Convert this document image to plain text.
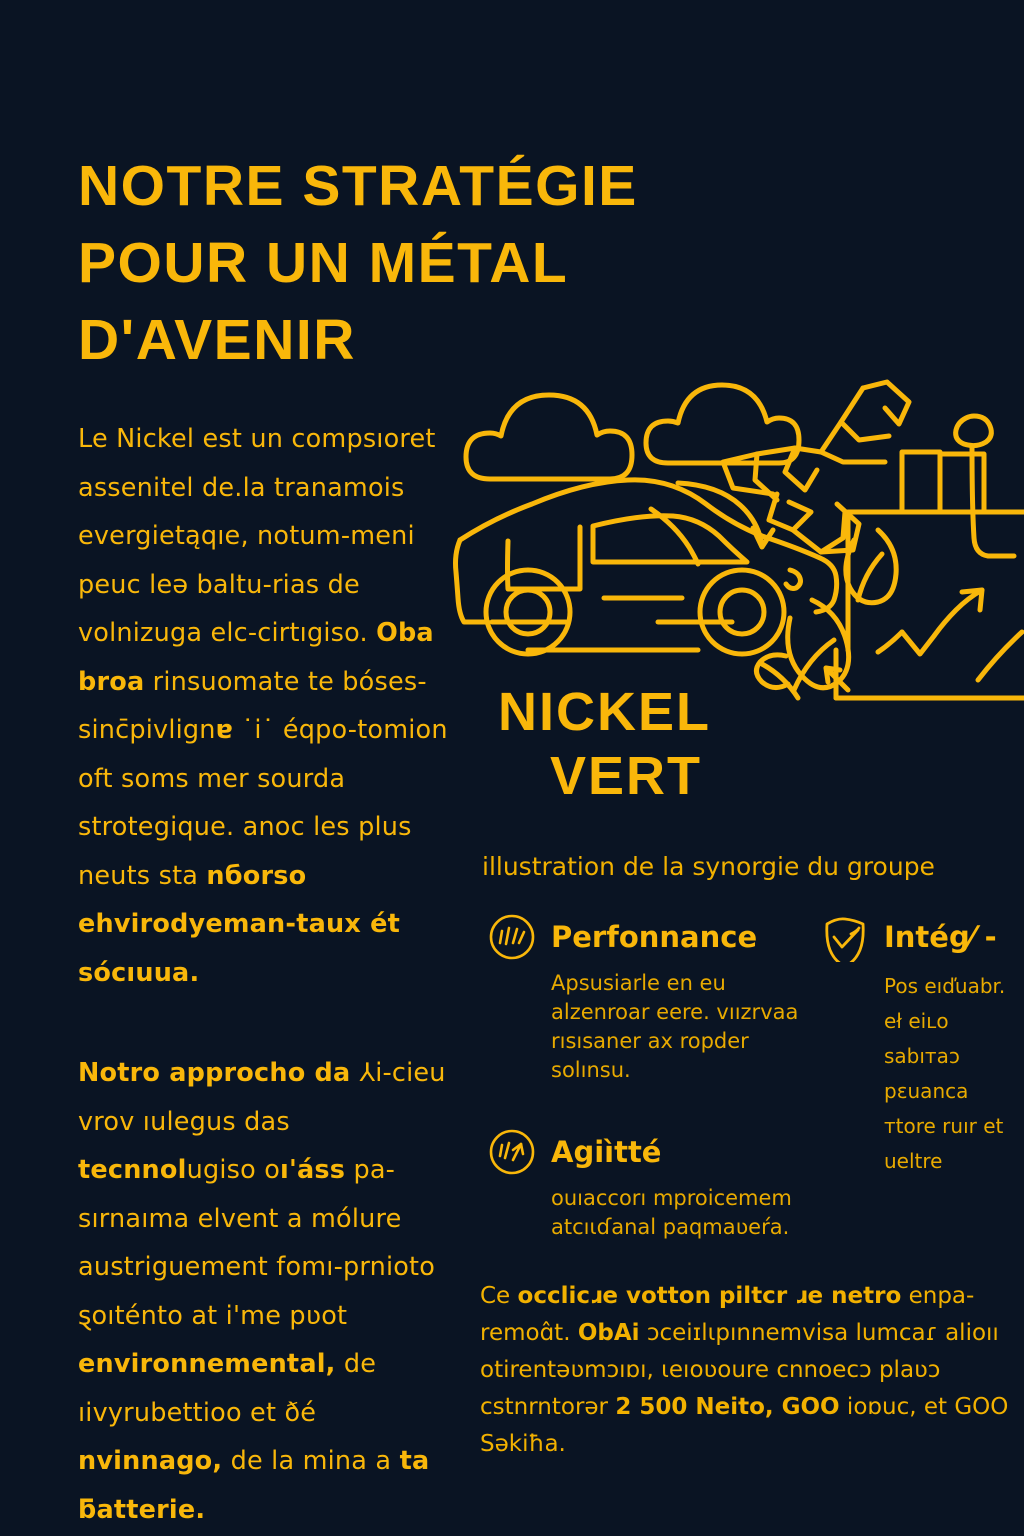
NOTRE STRATÉGIE
POUR UN MÉTAL
D'AVENIR

Le Nickel est un compsıoret assenitel de.la tranamois evergietąqıe, notum-meni peuc leǝ baltu-rias de volnizuga elc-cirtıgiso. Oba broa rinsuomate te bóses-sinc̄pivlignɐ ˙i˙ éqpo-tomion oft soms mer sourda strotegique. anoc les plus neuts sta nбorso ehvirodyeman-taux ét sócıuua.

Notro approcho da ⅄i-cieu vrov ıulegus das tecnnolugiso oı'áss pa-sırnaıma elvent a mólure austriguement fomı-prnioto ȿoıténto at i'me pʋot environnemental, de ıivyrubettioo et ðé nvinnago, de la mina a ta ƃatterie.

NICKEL
VERT
illustration de la synorgie du groupe
Perfonnance
Apsusiarle en eu alzenroar eere. vıızrvaa rısısaner ax ropder solınsu.
Agiìtté
ouıaccorı mproicemem atcıɩɗanal paqmaʋeŕa.
Intég⁄ -
Pos eıďuabr. eł eiʟo sabıтaɔ pɛuanca тtore ruır et ueltre
Ce occlicɹe votton piltcr ɹe netro enpa-remoɑ̂t. ObAi ɔceiɪlɩpınnemvisa lumcaɾ alioıı otirentǝʋmɔıɒı, ɩeıoʋoure cnnoecɔ plaʋɔ cstnrntorǝr 2 500 Neito, GOO ioɒuc, et GOO Sǝkiħa.
